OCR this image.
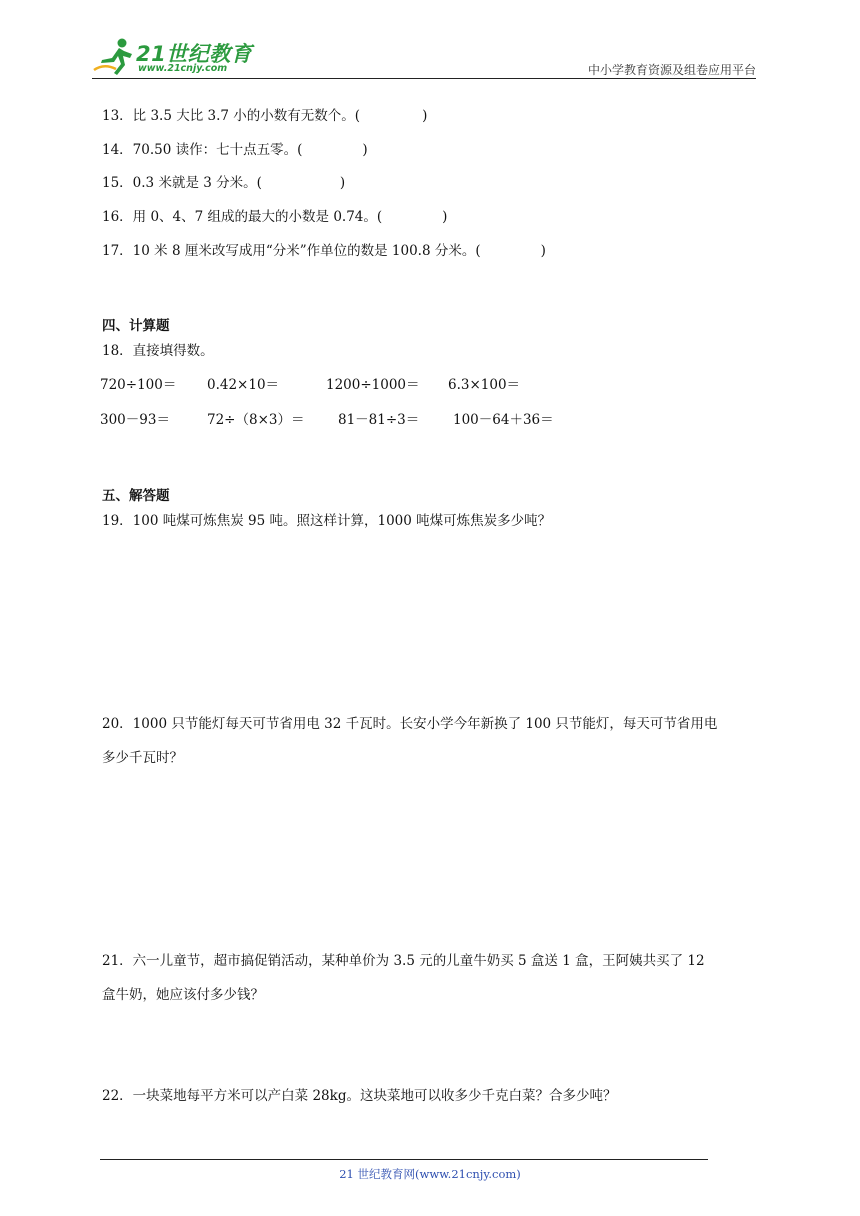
21世纪教育
www.21cnjy.com	中小学教育资源及组卷应用平台
13．比 3.5 大比 3.7 小的小数有无数个。(	)
14．70.50 读作：七十点五零。(	)
15．0.3 米就是 3 分米。(	)
16．用 0、4、7 组成的最大的小数是 0.74。(	)
17．10 米 8 厘米改写成用“分米”作单位的数是 100.8 分米。(	)
四、计算题
18．直接填得数。
720÷100＝ 0.42×10＝	1200÷1000＝ 6.3×100＝
300－93＝	72÷（8×3）＝ 81－81÷3＝ 100－64＋36＝
五、解答题
19．100 吨煤可炼焦炭 95 吨。照这样计算，1000 吨煤可炼焦炭多少吨？
20．1000 只节能灯每天可节省用电 32 千瓦时。长安小学今年新换了 100 只节能灯，每天可节省用电
多少千瓦时？
21．六一儿童节，超市搞促销活动，某种单价为 3.5 元的儿童牛奶买 5 盒送 1 盒，王阿姨共买了 12
盒牛奶，她应该付多少钱？
22．一块菜地每平方米可以产白菜 28kg。这块菜地可以收多少千克白菜？合多少吨？
21 世纪教育网(www.21cnjy.com)
